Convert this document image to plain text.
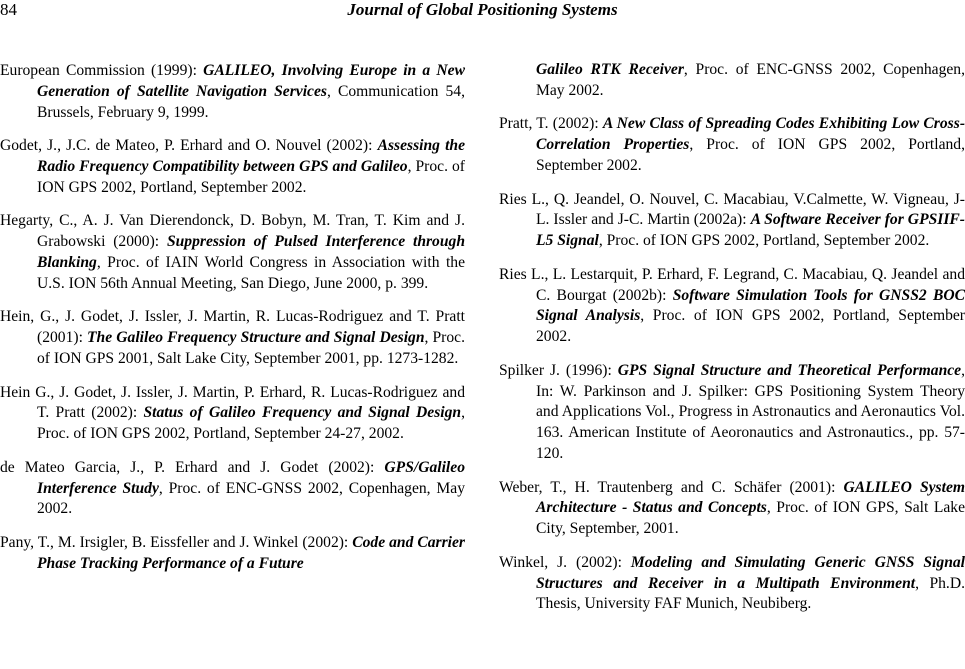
84	Journal of Global Positioning Systems

European Commission (1999): GALILEO, Involving Europe in a New Generation of Satellite Navigation Services, Communication 54, Brussels, February 9, 1999.

Godet, J., J.C. de Mateo, P. Erhard and O. Nouvel (2002): Assessing the Radio Frequency Compatibility between GPS and Galileo, Proc. of ION GPS 2002, Portland, September 2002.

Hegarty, C., A. J. Van Dierendonck, D. Bobyn, M. Tran, T. Kim and J. Grabowski (2000): Suppression of Pulsed Interference through Blanking, Proc. of IAIN World Congress in Association with the U.S. ION 56th Annual Meeting, San Diego, June 2000, p. 399.

Hein, G., J. Godet, J. Issler, J. Martin, R. Lucas-Rodriguez and T. Pratt (2001): The Galileo Frequency Structure and Signal Design, Proc. of ION GPS 2001, Salt Lake City, September 2001, pp. 1273-1282.

Hein G., J. Godet, J. Issler, J. Martin, P. Erhard, R. Lucas-Rodriguez and T. Pratt (2002): Status of Galileo Frequency and Signal Design, Proc. of ION GPS 2002, Portland, September 24-27, 2002.

de Mateo Garcia, J., P. Erhard and J. Godet (2002): GPS/Galileo Interference Study, Proc. of ENC-GNSS 2002, Copenhagen, May 2002.

Pany, T., M. Irsigler, B. Eissfeller and J. Winkel (2002): Code and Carrier Phase Tracking Performance of a Future

Galileo RTK Receiver, Proc. of ENC-GNSS 2002, Copenhagen, May 2002.

Pratt, T. (2002): A New Class of Spreading Codes Exhibiting Low Cross-Correlation Properties, Proc. of ION GPS 2002, Portland, September 2002.

Ries L., Q. Jeandel, O. Nouvel, C. Macabiau, V.Calmette, W. Vigneau, J-L. Issler and J-C. Martin (2002a): A Software Receiver for GPSIIF-L5 Signal, Proc. of ION GPS 2002, Portland, September 2002.

Ries L., L. Lestarquit, P. Erhard, F. Legrand, C. Macabiau, Q. Jeandel and C. Bourgat (2002b): Software Simulation Tools for GNSS2 BOC Signal Analysis, Proc. of ION GPS 2002, Portland, September 2002.

Spilker J. (1996): GPS Signal Structure and Theoretical Performance, In: W. Parkinson and J. Spilker: GPS Positioning System Theory and Applications Vol., Progress in Astronautics and Aeronautics Vol. 163. American Institute of Aeoronautics and Astronautics., pp. 57-120.

Weber, T., H. Trautenberg and C. Schäfer (2001): GALILEO System Architecture - Status and Concepts, Proc. of ION GPS, Salt Lake City, September, 2001.

Winkel, J. (2002): Modeling and Simulating Generic GNSS Signal Structures and Receiver in a Multipath Environment, Ph.D. Thesis, University FAF Munich, Neubiberg.
